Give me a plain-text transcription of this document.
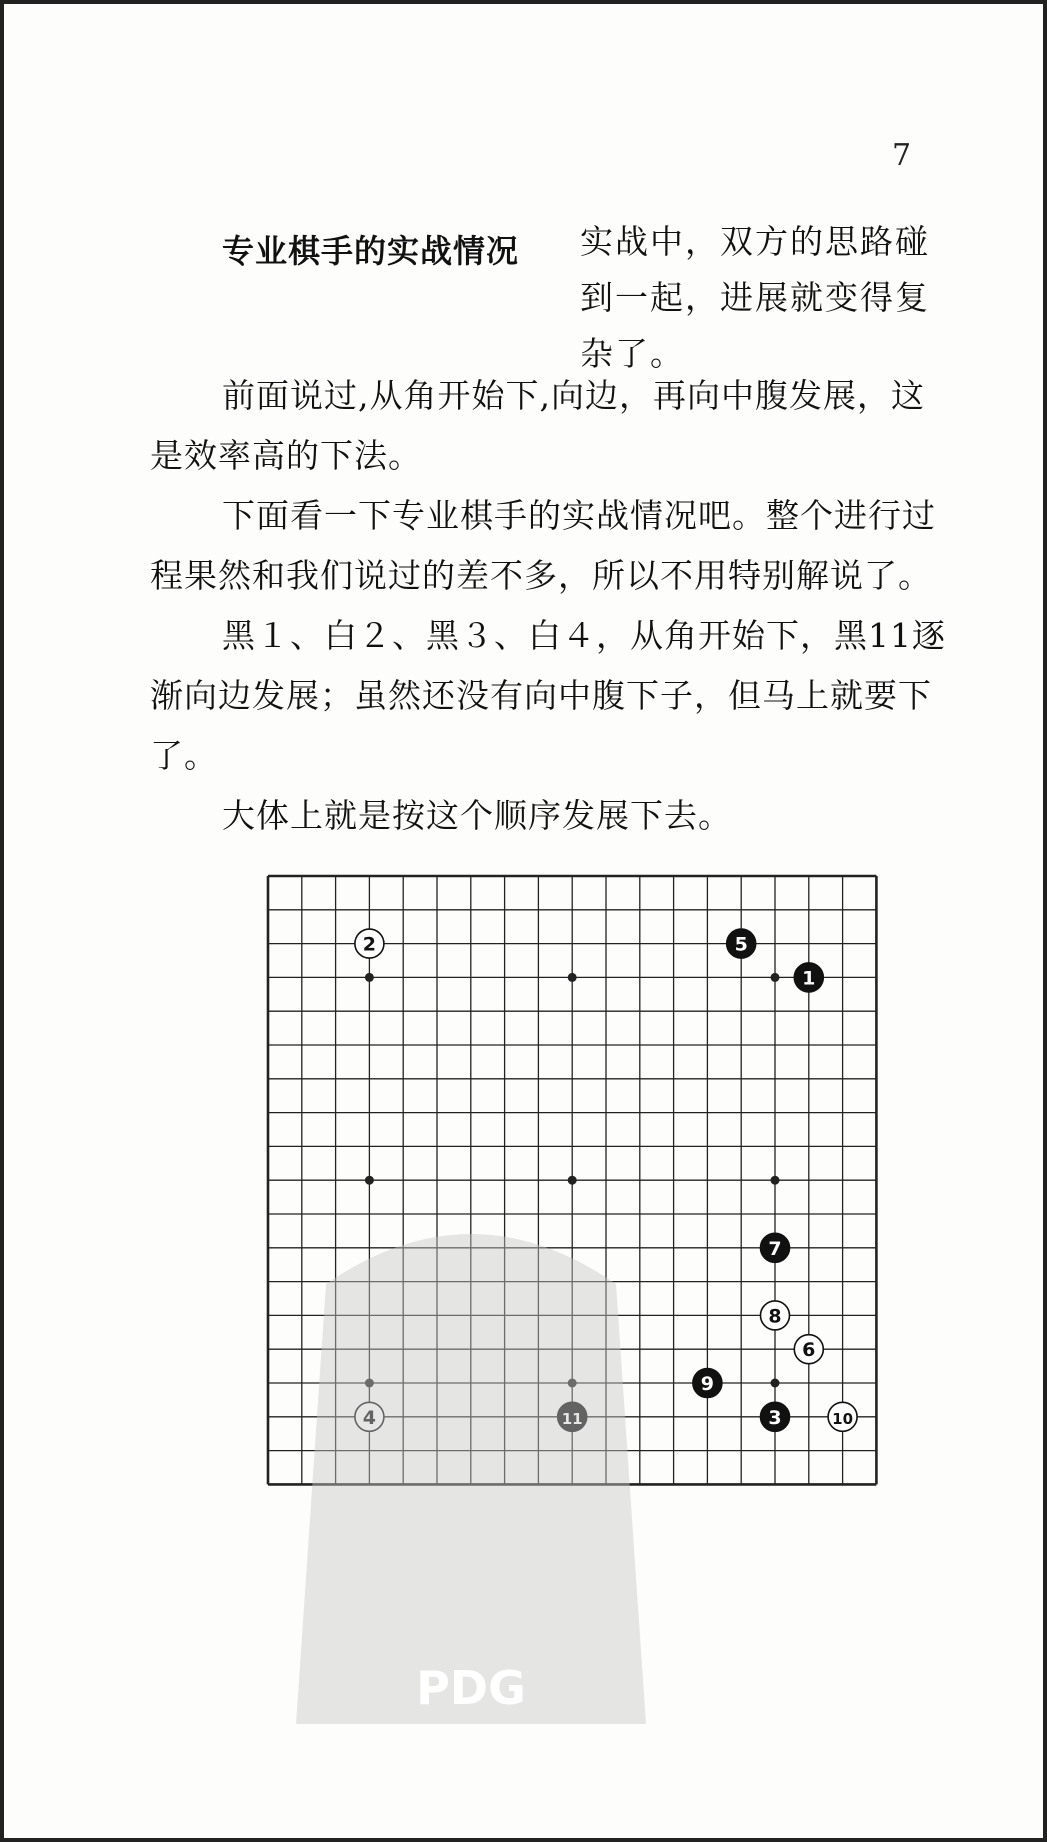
7
专业棋手的实战情况	实战中，双方的思路碰到一起，进展就变得复杂了。

前面说过,从角开始下,向边，再向中腹发展，这是效率高的下法。

下面看一下专业棋手的实战情况吧。整个进行过程果然和我们说过的差不多，所以不用特别解说了。

黑１、白２、黑３、白４，从角开始下，黑11逐渐向边发展；虽然还没有向中腹下子，但马上就要下了。

大体上就是按这个顺序发展下去。

1
2
3
4
5
6
7
8
9
10
11
PDG
